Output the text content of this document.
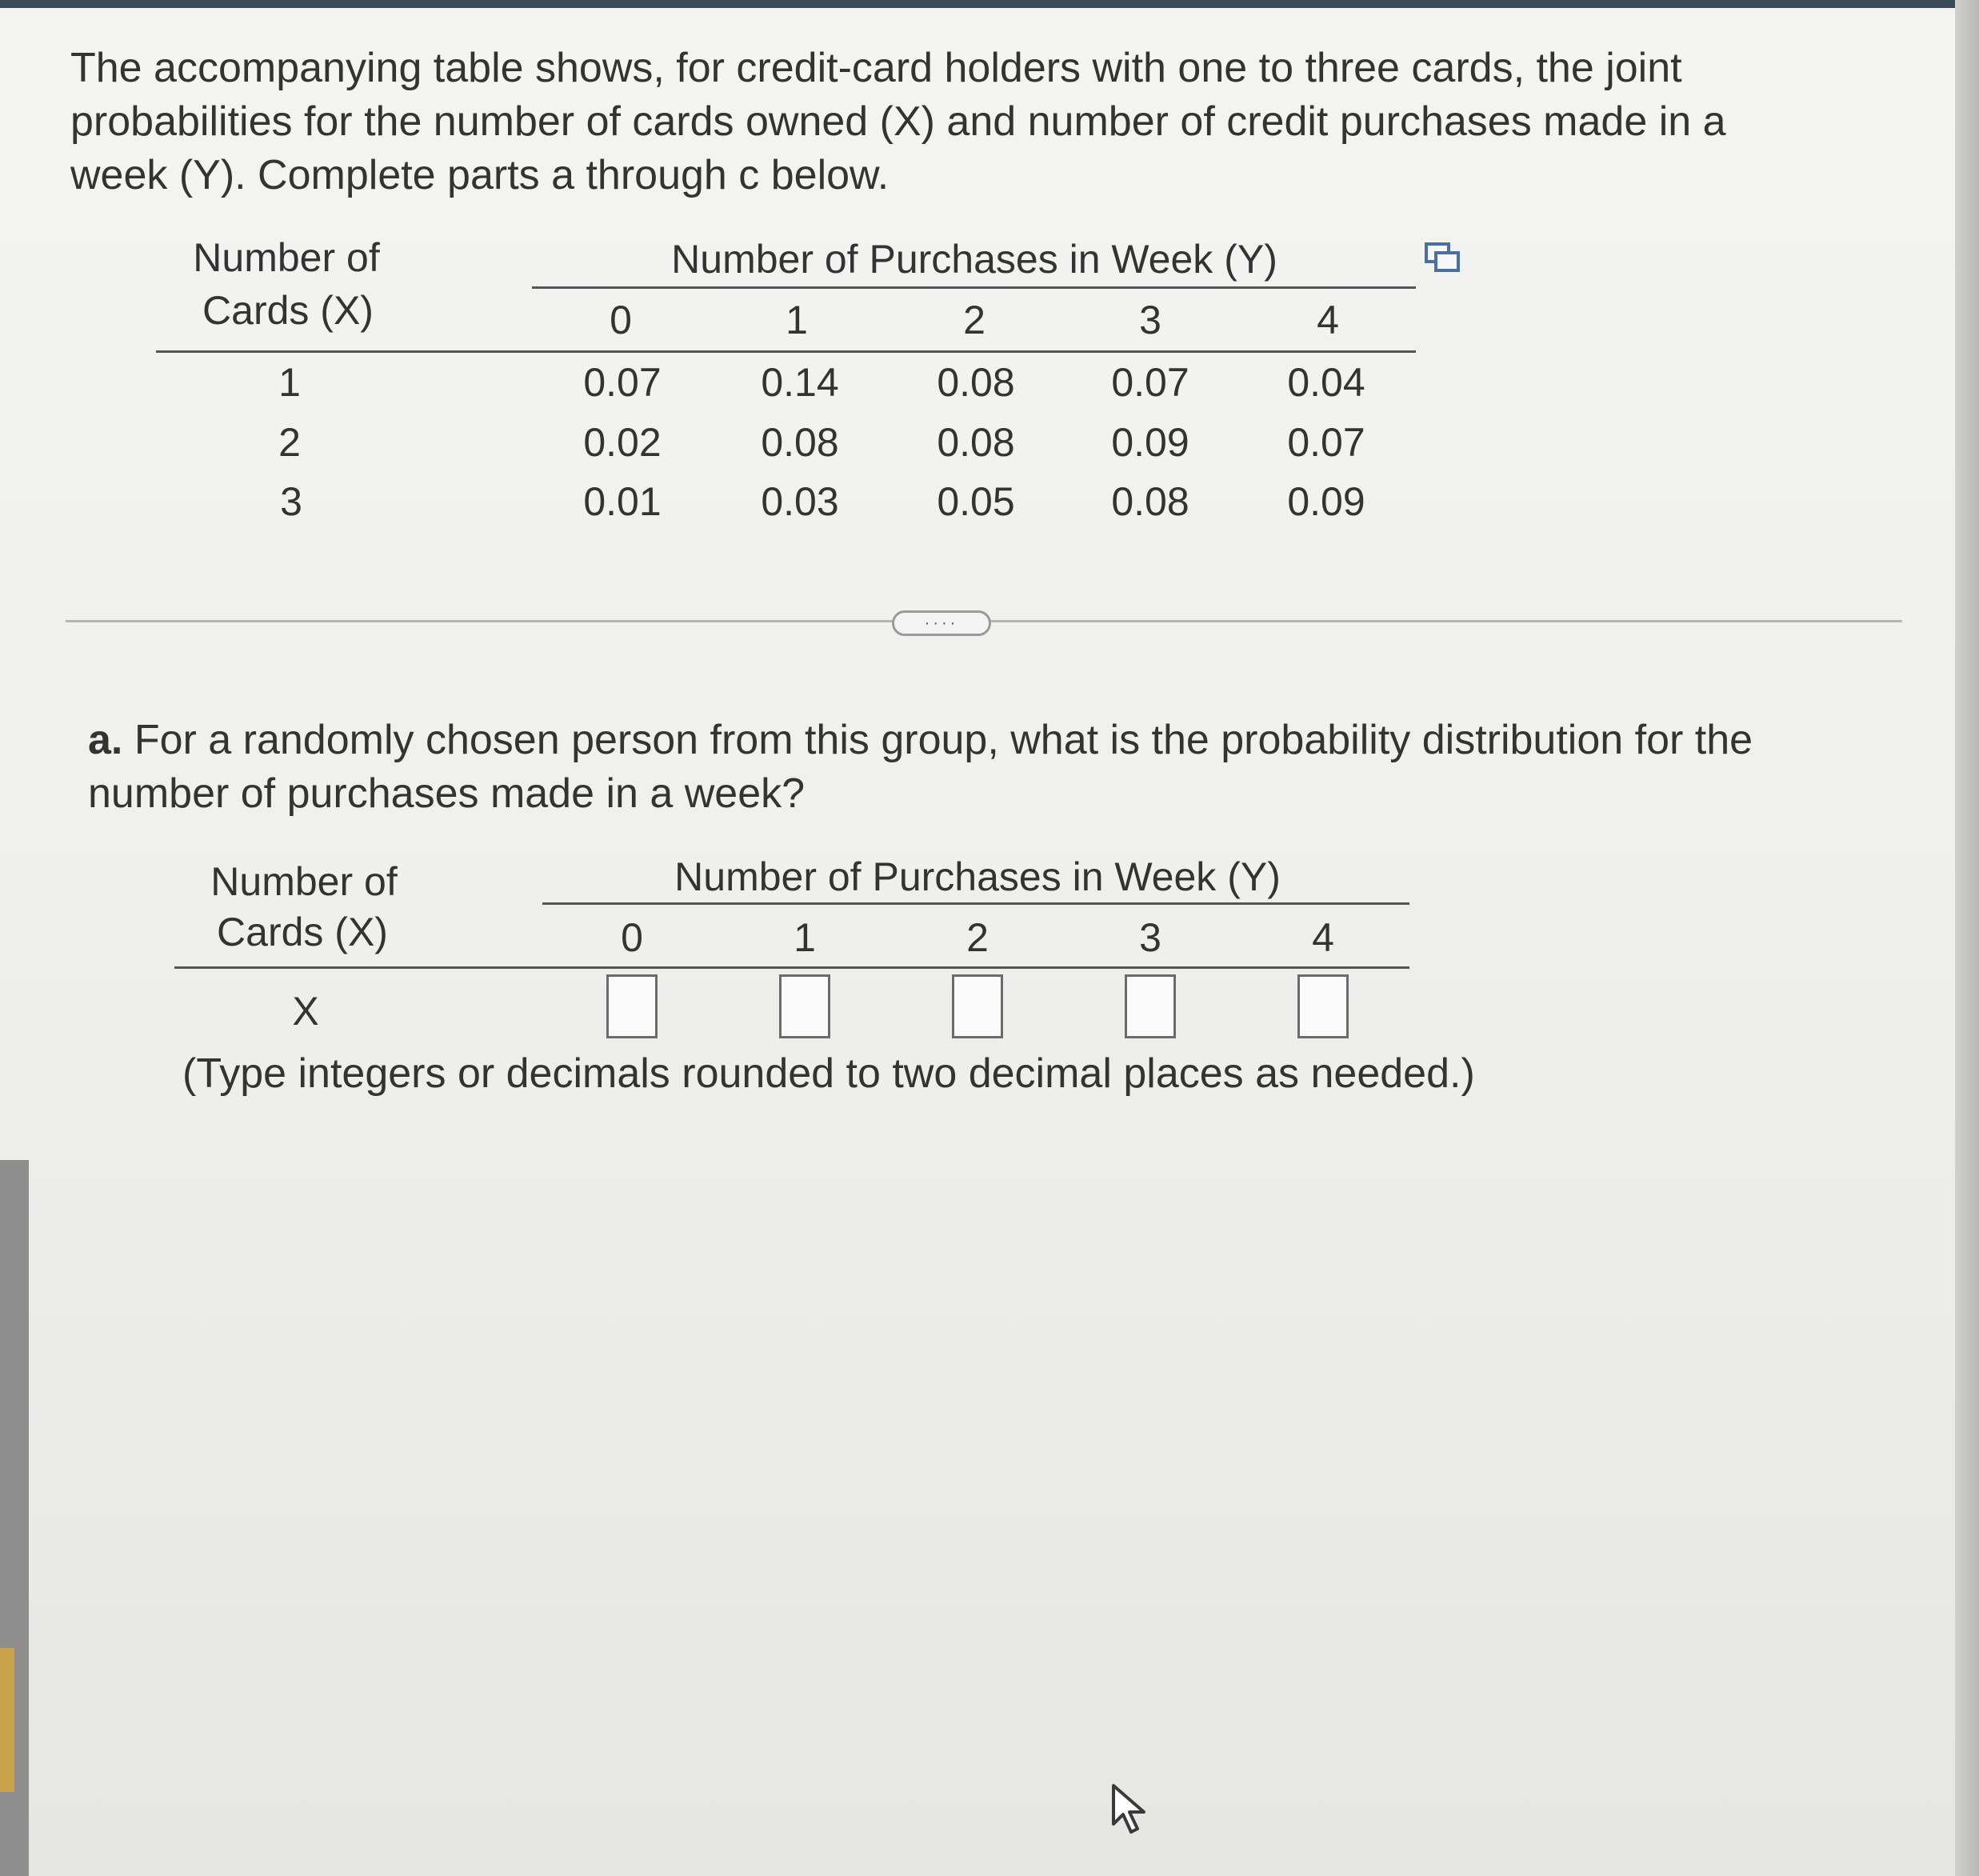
The accompanying table shows, for credit-card holders with one to three cards, the joint probabilities for the number of cards owned (X) and number of credit purchases made in a week (Y). Complete parts a through c below.
Number of
Cards (X)
Number of Purchases in Week (Y)
0	1	2	3	4
1	0.07 0.14 0.08 0.07 0.04
2	0.02 0.08 0.08 0.09 0.07
3	0.01 0.03 0.05 0.08 0.09
····
a. For a randomly chosen person from this group, what is the probability distribution for the number of purchases made in a week?
Number of
Cards (X)
Number of Purchases in Week (Y)
0	1	2	3	4
X
(Type integers or decimals rounded to two decimal places as needed.)
